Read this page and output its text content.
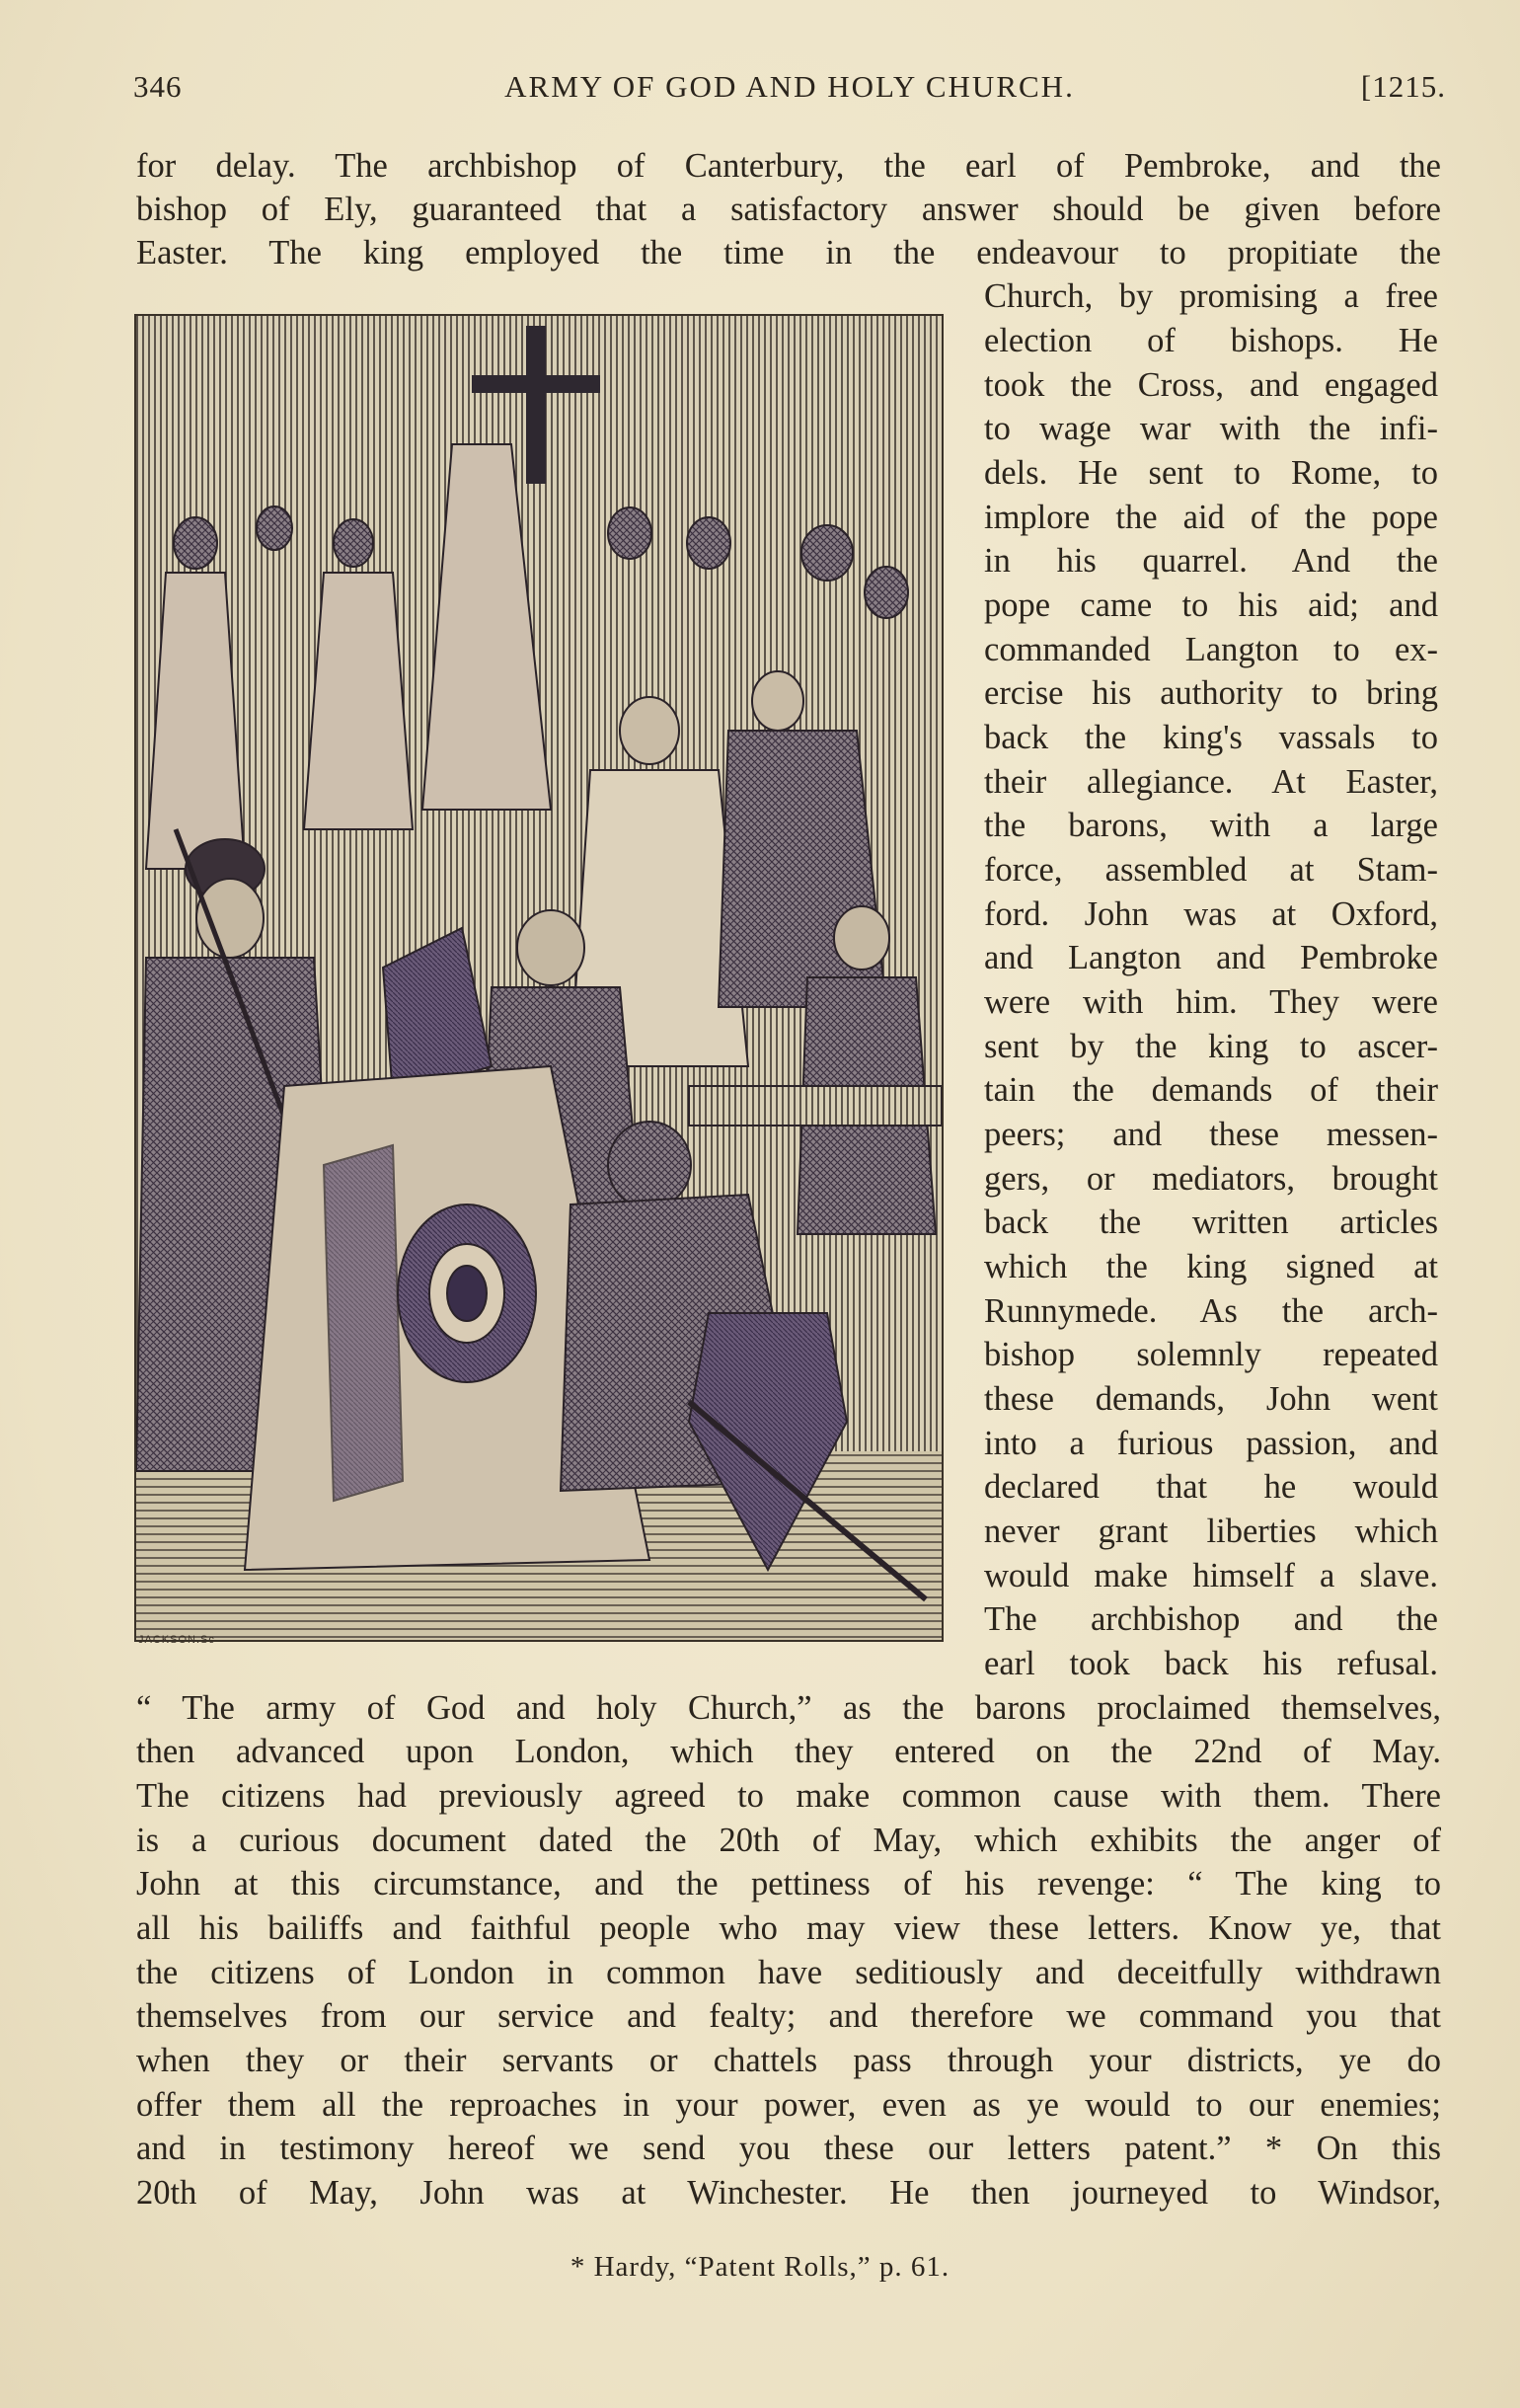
346	ARMY OF GOD AND HOLY CHURCH.	[1215.
for delay. The archbishop of Canterbury, the earl of Pembroke, and the
bishop of Ely, guaranteed that a satisfactory answer should be given before
Easter. The king employed the time in the endeavour to propitiate the
Church, by promising a free
election of bishops. He
took the Cross, and engaged
to wage war with the infi-
dels. He sent to Rome, to
implore the aid of the pope
in his quarrel. And the
pope came to his aid; and
commanded Langton to ex-
ercise his authority to bring
back the king's vassals to
their allegiance. At Easter,
the barons, with a large
force, assembled at Stam-
ford. John was at Oxford,
and Langton and Pembroke
were with him. They were
sent by the king to ascer-
tain the demands of their
peers; and these messen-
gers, or mediators, brought
back the written articles
which the king signed at
Runnymede. As the arch-
bishop solemnly repeated
these demands, John went
into a furious passion, and
declared that he would
never grant liberties which
would make himself a slave.
The archbishop and the
earl took back his refusal.
JACKSON.Sc
“ The army of God and holy Church,” as the barons proclaimed themselves,
then advanced upon London, which they entered on the 22nd of May.
The citizens had previously agreed to make common cause with them. There
is a curious document dated the 20th of May, which exhibits the anger of
John at this circumstance, and the pettiness of his revenge: “ The king to
all his bailiffs and faithful people who may view these letters. Know ye, that
the citizens of London in common have seditiously and deceitfully withdrawn
themselves from our service and fealty; and therefore we command you that
when they or their servants or chattels pass through your districts, ye do
offer them all the reproaches in your power, even as ye would to our enemies;
and in testimony hereof we send you these our letters patent.” * On this
20th of May, John was at Winchester. He then journeyed to Windsor,
* Hardy, “Patent Rolls,” p. 61.
